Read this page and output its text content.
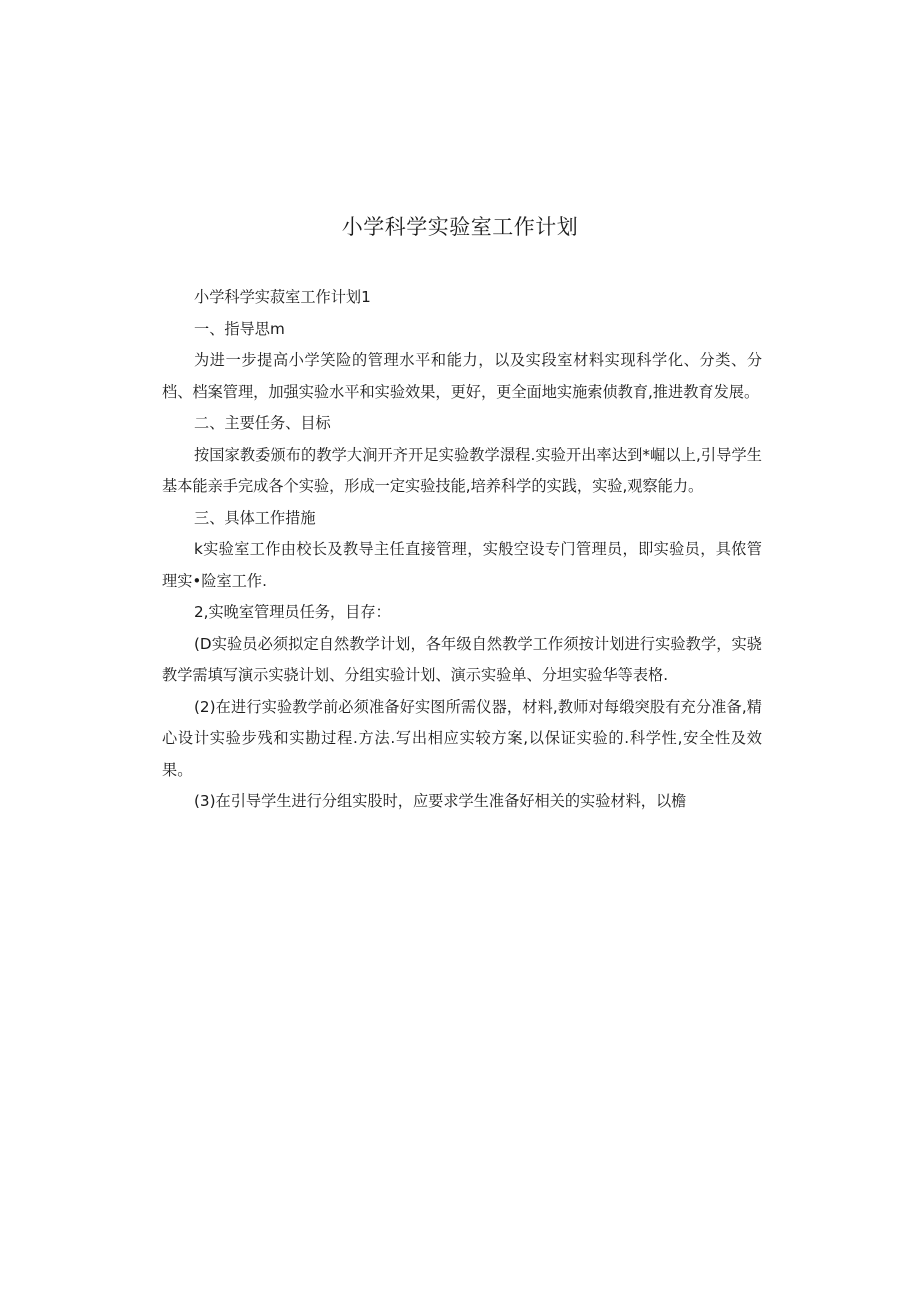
小学科学实验室工作计划

小学科学实菽室工作计划1

一、指导思m

为进一步提高小学笑险的管理水平和能力，以及实段室材料实现科学化、分类、分档、档案管理，加强实验水平和实验效果，更好，更全面地实施索侦教育,推进教育发展。

二、主要任务、目标

按国家教委颁布的教学大涧开齐开足实验教学澋程.实验开出率达到*崛以上,引导学生基本能亲手完成各个实验，形成一定实验技能,培养科学的实践，实验,观察能力。

三、具体工作措施

k实验室工作由校长及教导主任直接管理，实般空设专门管理员，即实验员，具侬管理实•险室工作.

2,实晚室管理员任务，目存：

(D实验员必须拟定自然教学计划，各年级自然教学工作须按计划进行实验教学，实骁教学需填写演示实骁计划、分组实验计划、演示实验单、分坦实验华等表格.

(2)在进行实验教学前必须准备好实图所需仪器，材料,教师对每缎突股有充分准备,精心设计实验步残和实勘过程.方法.写出相应实较方案,以保证实验的.科学性,安全性及效果。

(3)在引导学生进行分组实股时，应要求学生准备好相关的实验材料，以檐
